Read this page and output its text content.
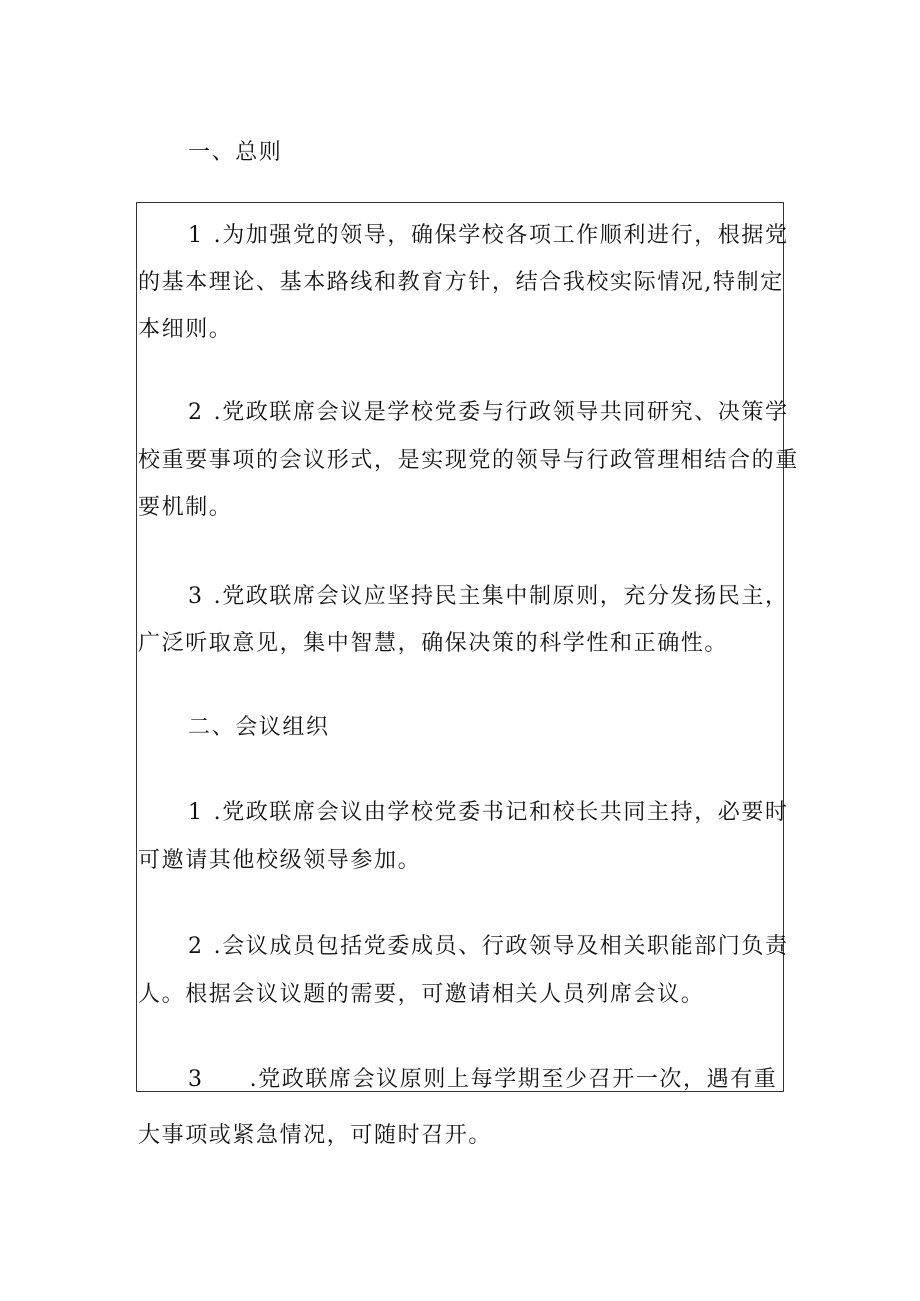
一、总则
1 .为加强党的领导，确保学校各项工作顺利进行，根据党
的基本理论、基本路线和教育方针，结合我校实际情况,特制定
本细则。
2 .党政联席会议是学校党委与行政领导共同研究、决策学
校重要事项的会议形式，是实现党的领导与行政管理相结合的重
要机制。
3 .党政联席会议应坚持民主集中制原则，充分发扬民主，
广泛听取意见，集中智慧，确保决策的科学性和正确性。
二、会议组织
1 .党政联席会议由学校党委书记和校长共同主持，必要时
可邀请其他校级领导参加。
2 .会议成员包括党委成员、行政领导及相关职能部门负责
人。根据会议议题的需要，可邀请相关人员列席会议。
3 .党政联席会议原则上每学期至少召开一次，遇有重
大事项或紧急情况，可随时召开。
